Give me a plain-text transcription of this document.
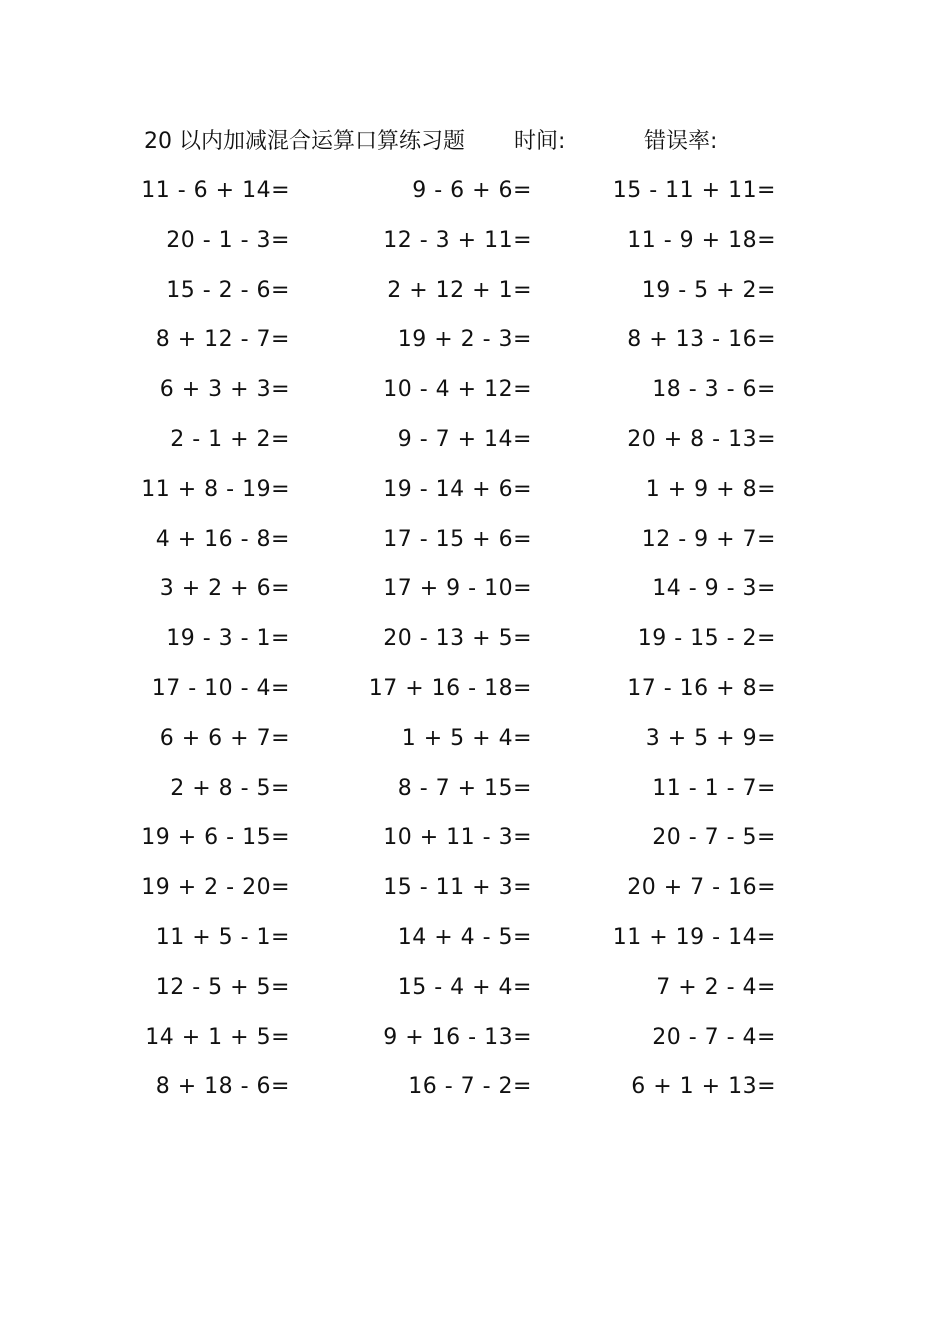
20 以内加减混合运算口算练习题 时间:	错误率:
11 - 6 + 14=	9 - 6 + 6=	15 - 11 + 11=
20 - 1 - 3=	12 - 3 + 11=	11 - 9 + 18=
15 - 2 - 6=	2 + 12 + 1=	19 - 5 + 2=
8 + 12 - 7=	19 + 2 - 3=	8 + 13 - 16=
6 + 3 + 3=	10 - 4 + 12=	18 - 3 - 6=
2 - 1 + 2=	9 - 7 + 14=	20 + 8 - 13=
11 + 8 - 19=	19 - 14 + 6=	1 + 9 + 8=
4 + 16 - 8=	17 - 15 + 6=	12 - 9 + 7=
3 + 2 + 6=	17 + 9 - 10=	14 - 9 - 3=
19 - 3 - 1=	20 - 13 + 5=	19 - 15 - 2=
17 - 10 - 4=	17 + 16 - 18=	17 - 16 + 8=
6 + 6 + 7=	1 + 5 + 4=	3 + 5 + 9=
2 + 8 - 5=	8 - 7 + 15=	11 - 1 - 7=
19 + 6 - 15=	10 + 11 - 3=	20 - 7 - 5=
19 + 2 - 20=	15 - 11 + 3=	20 + 7 - 16=
11 + 5 - 1=	14 + 4 - 5=	11 + 19 - 14=
12 - 5 + 5=	15 - 4 + 4=	7 + 2 - 4=
14 + 1 + 5=	9 + 16 - 13=	20 - 7 - 4=
8 + 18 - 6=	16 - 7 - 2=	6 + 1 + 13=
